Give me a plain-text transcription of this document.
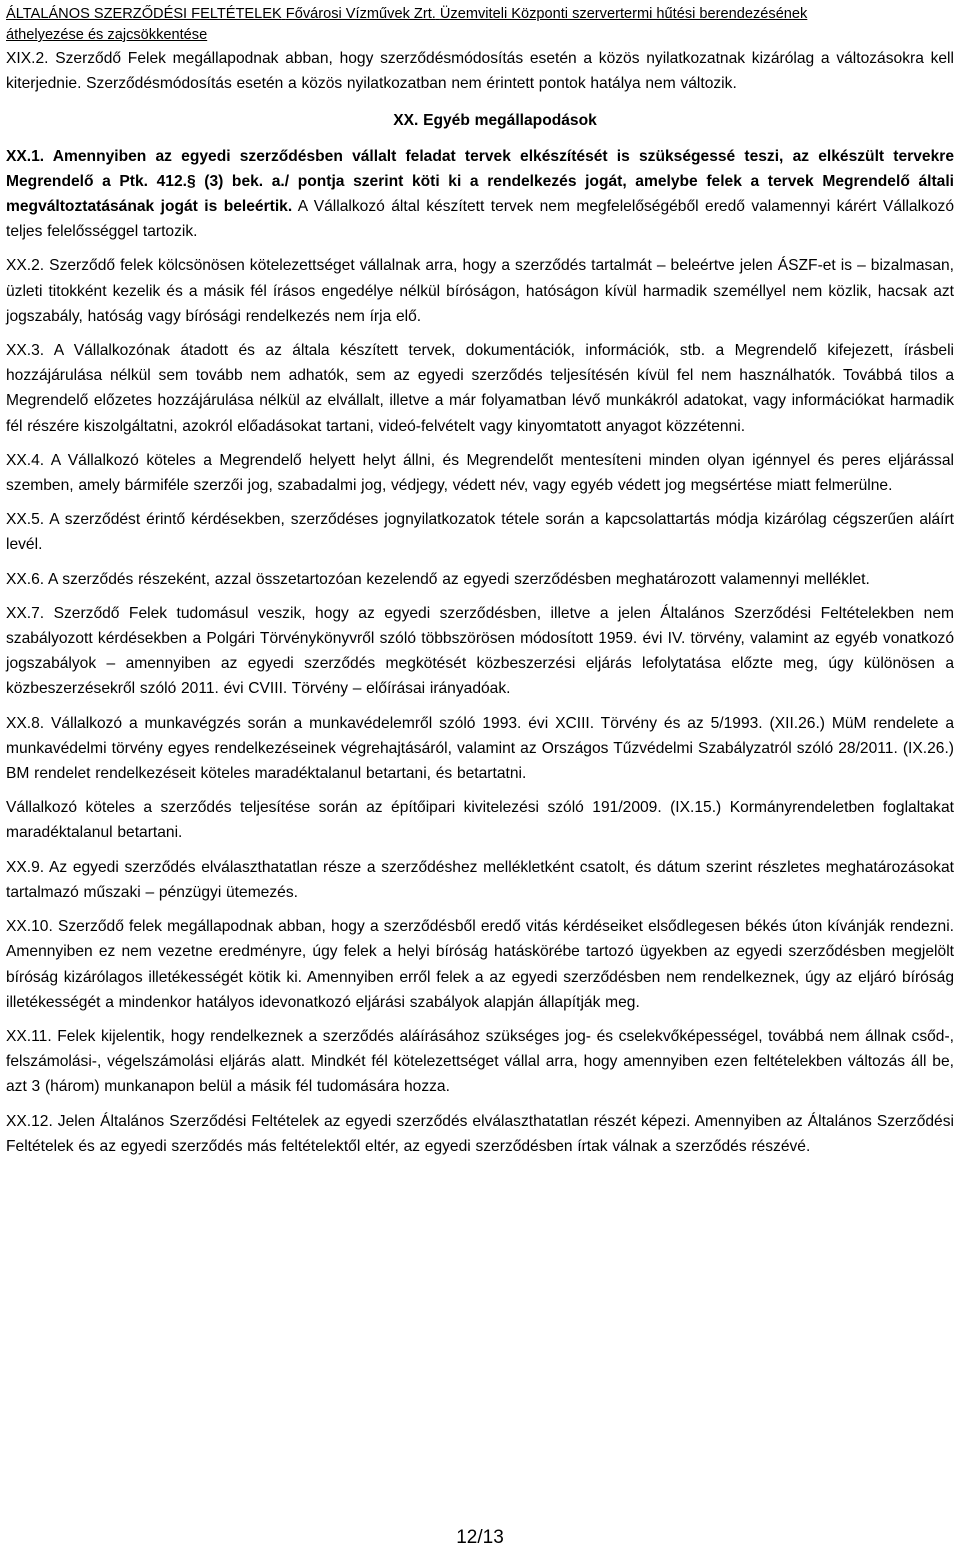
ÁLTALÁNOS SZERZŐDÉSI FELTÉTELEK Fővárosi Vízművek Zrt. Üzemviteli Központi szervertermi hűtési berendezésének
áthelyezése és zajcsökkentése

XIX.2. Szerződő Felek megállapodnak abban, hogy szerződésmódosítás esetén a közös nyilatkozatnak kizárólag a változásokra kell kiterjednie. Szerződésmódosítás esetén a közös nyilatkozatban nem érintett pontok hatálya nem változik.

XX. Egyéb megállapodások

XX.1. Amennyiben az egyedi szerződésben vállalt feladat tervek elkészítését is szükségessé teszi, az elkészült tervekre Megrendelő a Ptk. 412.§ (3) bek. a./ pontja szerint köti ki a rendelkezés jogát, amelybe felek a tervek Megrendelő általi megváltoztatásának jogát is beleértik. A Vállalkozó által készített tervek nem megfelelőségéből eredő valamennyi kárért Vállalkozó teljes felelősséggel tartozik.

XX.2. Szerződő felek kölcsönösen kötelezettséget vállalnak arra, hogy a szerződés tartalmát – beleértve jelen ÁSZF-et is – bizalmasan, üzleti titokként kezelik és a másik fél írásos engedélye nélkül bíróságon, hatóságon kívül harmadik személlyel nem közlik, hacsak azt jogszabály, hatóság vagy bírósági rendelkezés nem írja elő.

XX.3. A Vállalkozónak átadott és az általa készített tervek, dokumentációk, információk, stb. a Megrendelő kifejezett, írásbeli hozzájárulása nélkül sem tovább nem adhatók, sem az egyedi szerződés teljesítésén kívül fel nem használhatók. Továbbá tilos a Megrendelő előzetes hozzájárulása nélkül az elvállalt, illetve a már folyamatban lévő munkákról adatokat, vagy információkat harmadik fél részére kiszolgáltatni, azokról előadásokat tartani, videó-felvételt vagy kinyomtatott anyagot közzétenni.

XX.4. A Vállalkozó köteles a Megrendelő helyett helyt állni, és Megrendelőt mentesíteni minden olyan igénnyel és peres eljárással szemben, amely bármiféle szerzői jog, szabadalmi jog, védjegy, védett név, vagy egyéb védett jog megsértése miatt felmerülne.

XX.5. A szerződést érintő kérdésekben, szerződéses jognyilatkozatok tétele során a kapcsolattartás módja kizárólag cégszerűen aláírt levél.

XX.6. A szerződés részeként, azzal összetartozóan kezelendő az egyedi szerződésben meghatározott valamennyi melléklet.

XX.7. Szerződő Felek tudomásul veszik, hogy az egyedi szerződésben, illetve a jelen Általános Szerződési Feltételekben nem szabályozott kérdésekben a Polgári Törvénykönyvről szóló többszörösen módosított 1959. évi IV. törvény, valamint az egyéb vonatkozó jogszabályok – amennyiben az egyedi szerződés megkötését közbeszerzési eljárás lefolytatása előzte meg, úgy különösen a közbeszerzésekről szóló 2011. évi CVIII. Törvény – előírásai irányadóak.

XX.8. Vállalkozó a munkavégzés során a munkavédelemről szóló 1993. évi XCIII. Törvény és az 5/1993. (XII.26.) MüM rendelete a munkavédelmi törvény egyes rendelkezéseinek végrehajtásáról, valamint az Országos Tűzvédelmi Szabályzatról szóló 28/2011. (IX.26.) BM rendelet rendelkezéseit köteles maradéktalanul betartani, és betartatni.

Vállalkozó köteles a szerződés teljesítése során az építőipari kivitelezési szóló 191/2009. (IX.15.) Kormányrendeletben foglaltakat maradéktalanul betartani.

XX.9. Az egyedi szerződés elválaszthatatlan része a szerződéshez mellékletként csatolt, és dátum szerint részletes meghatározásokat tartalmazó műszaki – pénzügyi ütemezés.

XX.10. Szerződő felek megállapodnak abban, hogy a szerződésből eredő vitás kérdéseiket elsődlegesen békés úton kívánják rendezni. Amennyiben ez nem vezetne eredményre, úgy felek a helyi bíróság hatáskörébe tartozó ügyekben az egyedi szerződésben megjelölt bíróság kizárólagos illetékességét kötik ki. Amennyiben erről felek a az egyedi szerződésben nem rendelkeznek, úgy az eljáró bíróság illetékességét a mindenkor hatályos idevonatkozó eljárási szabályok alapján állapítják meg.

XX.11. Felek kijelentik, hogy rendelkeznek a szerződés aláírásához szükséges jog- és cselekvőképességel, továbbá nem állnak csőd-, felszámolási-, végelszámolási eljárás alatt. Mindkét fél kötelezettséget vállal arra, hogy amennyiben ezen feltételekben változás áll be, azt 3 (három) munkanapon belül a másik fél tudomására hozza.

XX.12. Jelen Általános Szerződési Feltételek az egyedi szerződés elválaszthatatlan részét képezi. Amennyiben az Általános Szerződési Feltételek és az egyedi szerződés más feltételektől eltér, az egyedi szerződésben írtak válnak a szerződés részévé.

12/13
